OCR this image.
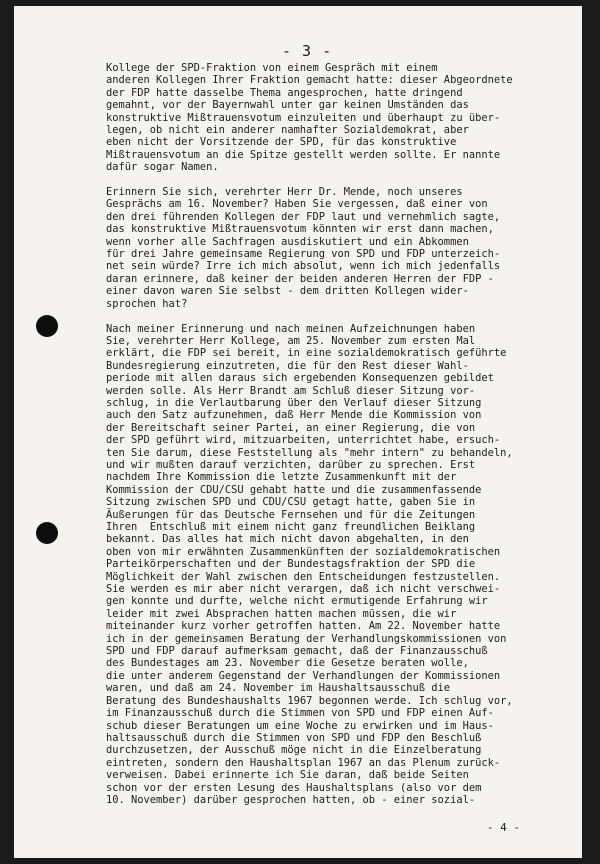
- 3 -
Kollege der SPD-Fraktion von einem Gespräch mit einem
anderen Kollegen Ihrer Fraktion gemacht hatte: dieser Abgeordnete
der FDP hatte dasselbe Thema angesprochen, hatte dringend
gemahnt, vor der Bayernwahl unter gar keinen Umständen das
konstruktive Mißtrauensvotum einzuleiten und überhaupt zu über-
legen, ob nicht ein anderer namhafter Sozialdemokrat, aber
eben nicht der Vorsitzende der SPD, für das konstruktive
Mißtrauensvotum an die Spitze gestellt werden sollte. Er nannte
dafür sogar Namen.
Erinnern Sie sich, verehrter Herr Dr. Mende, noch unseres
Gesprächs am 16. November? Haben Sie vergessen, daß einer von
den drei führenden Kollegen der FDP laut und vernehmlich sagte,
das konstruktive Mißtrauensvotum könnten wir erst dann machen,
wenn vorher alle Sachfragen ausdiskutiert und ein Abkommen
für drei Jahre gemeinsame Regierung von SPD und FDP unterzeich-
net sein würde? Irre ich mich absolut, wenn ich mich jedenfalls
daran erinnere, daß keiner der beiden anderen Herren der FDP -
einer davon waren Sie selbst - dem dritten Kollegen wider-
sprochen hat?
Nach meiner Erinnerung und nach meinen Aufzeichnungen haben
Sie, verehrter Herr Kollege, am 25. November zum ersten Mal
erklärt, die FDP sei bereit, in eine sozialdemokratisch geführte
Bundesregierung einzutreten, die für den Rest dieser Wahl-
periode mit allen daraus sich ergebenden Konsequenzen gebildet
werden solle. Als Herr Brandt am Schluß dieser Sitzung vor-
schlug, in die Verlautbarung über den Verlauf dieser Sitzung
auch den Satz aufzunehmen, daß Herr Mende die Kommission von
der Bereitschaft seiner Partei, an einer Regierung, die von
der SPD geführt wird, mitzuarbeiten, unterrichtet habe, ersuch-
ten Sie darum, diese Feststellung als "mehr intern" zu behandeln,
und wir mußten darauf verzichten, darüber zu sprechen. Erst
nachdem Ihre Kommission die letzte Zusammenkunft mit der
Kommission der CDU/CSU gehabt hatte und die zusammenfassende
Sitzung zwischen SPD und CDU/CSU getagt hatte, gaben Sie in
Äußerungen für das Deutsche Fernsehen und für die Zeitungen
Ihren  Entschluß mit einem nicht ganz freundlichen Beiklang
bekannt. Das alles hat mich nicht davon abgehalten, in den
oben von mir erwähnten Zusammenkünften der sozialdemokratischen
Parteikörperschaften und der Bundestagsfraktion der SPD die
Möglichkeit der Wahl zwischen den Entscheidungen festzustellen.
Sie werden es mir aber nicht verargen, daß ich nicht verschwei-
gen konnte und durfte, welche nicht ermutigende Erfahrung wir
leider mit zwei Absprachen hatten machen müssen, die wir
miteinander kurz vorher getroffen hatten. Am 22. November hatte
ich in der gemeinsamen Beratung der Verhandlungskommissionen von
SPD und FDP darauf aufmerksam gemacht, daß der Finanzausschuß
des Bundestages am 23. November die Gesetze beraten wolle,
die unter anderem Gegenstand der Verhandlungen der Kommissionen
waren, und daß am 24. November im Haushaltsausschuß die
Beratung des Bundeshaushalts 1967 begonnen werde. Ich schlug vor,
im Finanzausschuß durch die Stimmen von SPD und FDP einen Auf-
schub dieser Beratungen um eine Woche zu erwirken und im Haus-
haltsausschuß durch die Stimmen von SPD und FDP den Beschluß
durchzusetzen, der Ausschuß möge nicht in die Einzelberatung
eintreten, sondern den Haushaltsplan 1967 an das Plenum zurück-
verweisen. Dabei erinnerte ich Sie daran, daß beide Seiten
schon vor der ersten Lesung des Haushaltsplans (also vor dem
10. November) darüber gesprochen hatten, ob - einer sozial-
- 4 -
